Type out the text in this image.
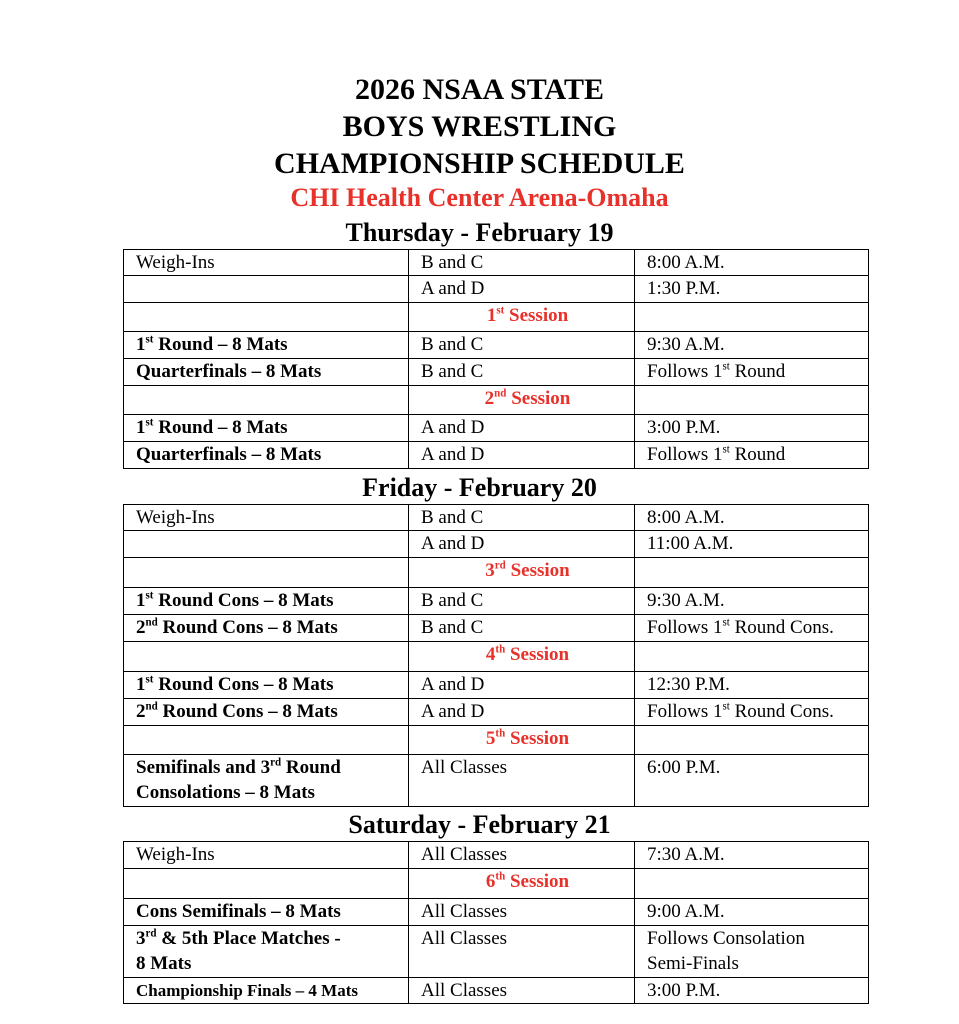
2026 NSAA STATE
BOYS WRESTLING
CHAMPIONSHIP SCHEDULE
CHI Health Center Arena-Omaha
Thursday - February 19
Weigh-Ins	B and C	8:00 A.M.
	A and D	1:30 P.M.
	1st Session	
1st Round – 8 Mats	B and C	9:30 A.M.
Quarterfinals – 8 Mats	B and C	Follows 1st Round
	2nd Session	
1st Round – 8 Mats	A and D	3:00 P.M.
Quarterfinals – 8 Mats	A and D	Follows 1st Round
Friday - February 20
Weigh-Ins	B and C	8:00 A.M.
	A and D	11:00 A.M.
	3rd Session	
1st Round Cons – 8 Mats	B and C	9:30 A.M.
2nd Round Cons – 8 Mats	B and C	Follows 1st Round Cons.
	4th Session	
1st Round Cons – 8 Mats	A and D	12:30 P.M.
2nd Round Cons – 8 Mats	A and D	Follows 1st Round Cons.
	5th Session	
Semifinals and 3rd Round
Consolations – 8 Mats	All Classes	6:00 P.M.
Saturday - February 21
Weigh-Ins	All Classes	7:30 A.M.
	6th Session	
Cons Semifinals – 8 Mats	All Classes	9:00 A.M.
3rd & 5th Place Matches -
8 Mats	All Classes	Follows Consolation
Semi-Finals
Championship Finals – 4 Mats	All Classes	3:00 P.M.
